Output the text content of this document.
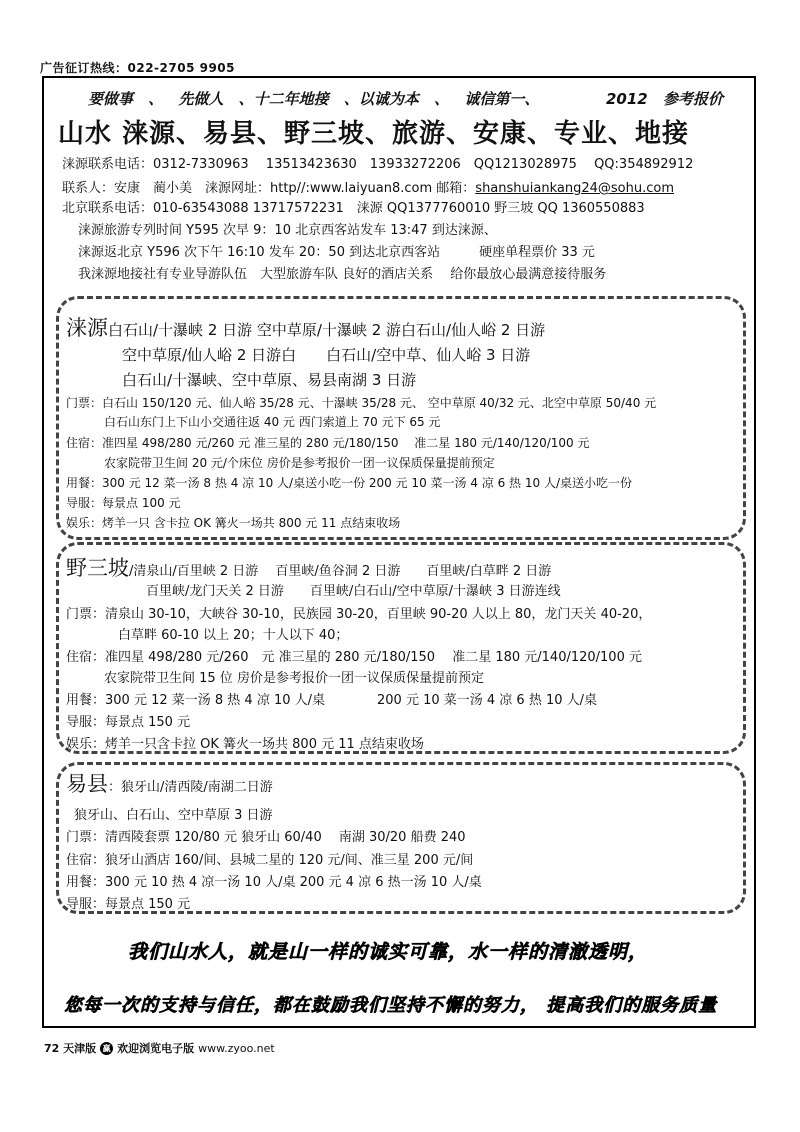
广告征订热线：022-2705 9905
要做事 、 先做人 、十二年地接 、以诚为本 、 诚信第一、	2012 参考报价
山水 涞源、易县、野三坡、旅游、安康、专业、地接
涞源联系电话：0312-7330963　 13513423630　13933272206　QQ1213028975　 QQ:354892912
联系人：安康　蔺小美　涞源网址：http//:www.laiyuan8.com 邮箱：shanshuiankang24@sohu.com
北京联系电话：010-63543088 13717572231　涞源 QQ1377760010 野三坡 QQ 1360550883
涞源旅游专列时间 Y595 次早 9：10 北京西客站发车 13:47 到达涞源、
涞源返北京 Y596 次下午 16:10 发车 20：50 到达北京西客站　　　硬座单程票价 33 元
我涞源地接社有专业导游队伍　大型旅游车队 良好的酒店关系　 给你最放心最满意接待服务
涞源白石山/十瀑峡 2 日游 空中草原/十瀑峡 2 游白石山/仙人峪 2 日游
空中草原/仙人峪 2 日游白　　白石山/空中草、仙人峪 3 日游
白石山/十瀑峡、空中草原、易县南湖 3 日游
门票：白石山 150/120 元、仙人峪 35/28 元、十瀑峡 35/28 元、 空中草原 40/32 元、北空中草原 50/40 元
白石山东门上下山小交通往返 40 元 西门索道上 70 元下 65 元
住宿：准四星 498/280 元/260 元 准三星的 280 元/180/150　 准二星 180 元/140/120/100 元
农家院带卫生间 20 元/个床位 房价是参考报价一团一议保质保量提前预定
用餐：300 元 12 菜一汤 8 热 4 凉 10 人/桌送小吃一份 200 元 10 菜一汤 4 凉 6 热 10 人/桌送小吃一份
导服：每景点 100 元
娱乐：烤羊一只 含卡拉 OK 篝火一场共 800 元 11 点结束收场
野三坡/清泉山/百里峡 2 日游　 百里峡/鱼谷洞 2 日游　　百里峡/白草畔 2 日游
百里峡/龙门天关 2 日游　　百里峡/白石山/空中草原/十瀑峡 3 日游连线
门票：清泉山 30-10，大峡谷 30-10，民族园 30-20，百里峡 90-20 人以上 80，龙门天关 40-20，
白草畔 60-10 以上 20；十人以下 40；
住宿：准四星 498/280 元/260　元 准三星的 280 元/180/150　 准二星 180 元/140/120/100 元
农家院带卫生间 15 位 房价是参考报价一团一议保质保量提前预定
用餐：300 元 12 菜一汤 8 热 4 凉 10 人/桌　　　　200 元 10 菜一汤 4 凉 6 热 10 人/桌
导服：每景点 150 元
娱乐：烤羊一只含卡拉 OK 篝火一场共 800 元 11 点结束收场
易县：狼牙山/清西陵/南湖二日游
狼牙山、白石山、空中草原 3 日游
门票：清西陵套票 120/80 元 狼牙山 60/40　 南湖 30/20 船费 240
住宿：狼牙山酒店 160/间、县城二星的 120 元/间、准三星 200 元/间
用餐：300 元 10 热 4 凉一汤 10 人/桌 200 元 4 凉 6 热一汤 10 人/桌
导服：每景点 150 元
我们山水人，就是山一样的诚实可靠，水一样的清澈透明，
您每一次的支持与信任，都在鼓励我们坚持不懈的努力， 提高我们的服务质量
72 天津版 赢 欢迎浏览电子版 www.zyoo.net
